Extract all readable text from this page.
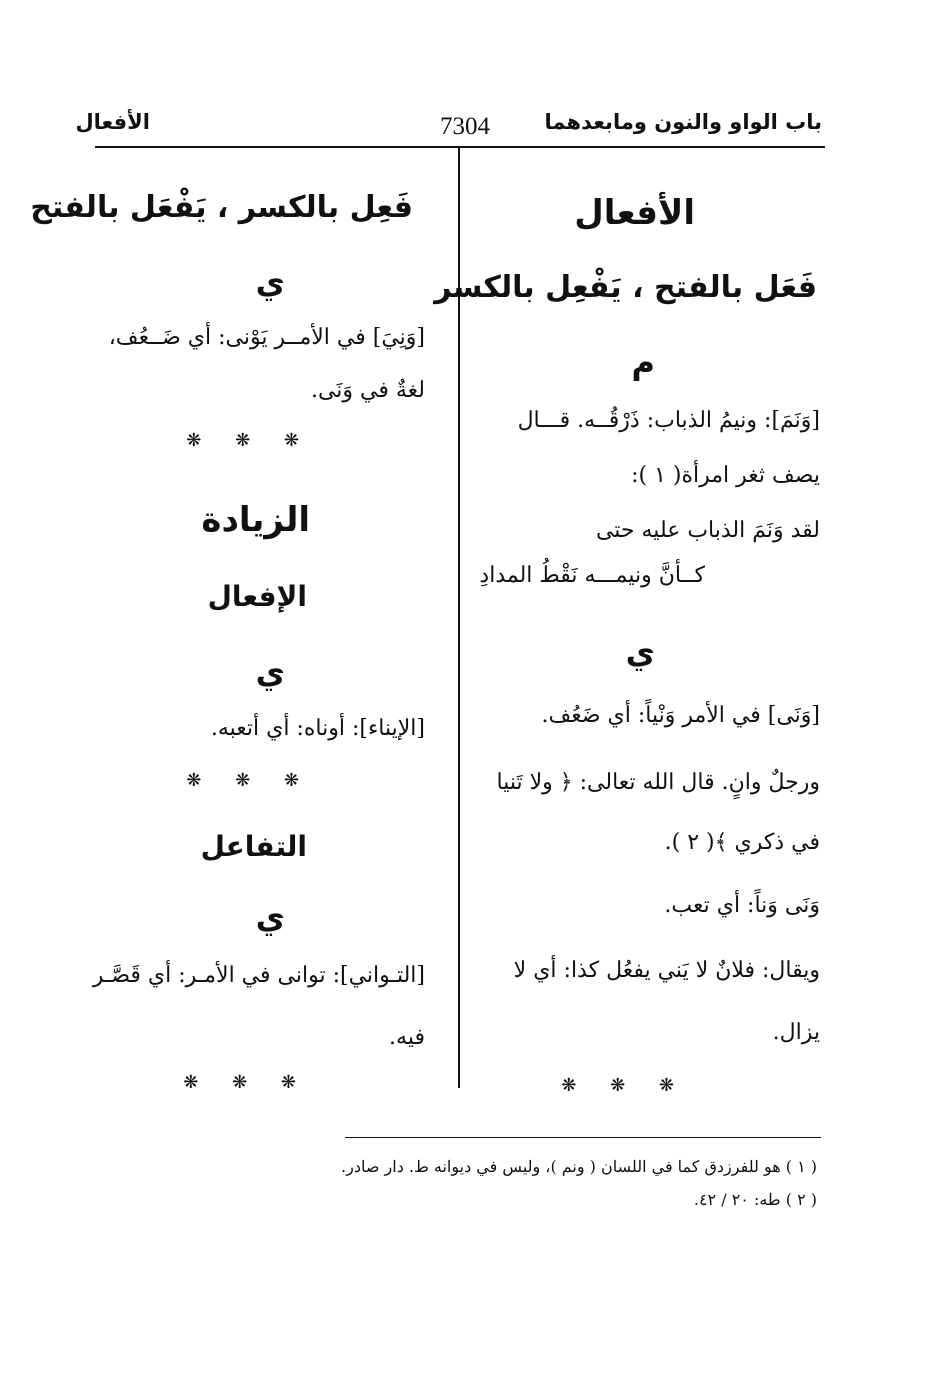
باب الواو والنون ومابعدهما
7304
الأفعال
الأفعال
فَعَل بالفتح ، يَفْعِل بالكسر
م
[وَنَمَ]: ونيمُ الذباب: ذَرْقُــه. قـــال
يصف ثغر امرأة( ١ ):
لقد وَنَمَ الذباب عليه حتى
كــأنَّ ونيمـــه نَقْطُ المدادِ
ي
[وَنَى] في الأمر وَنْياً: أي ضَعُف.
ورجلٌ وانٍ. قال الله تعالى: ﴿ ولا تَنيا
في ذكري ﴾( ٢ ).
وَنَى وَناً: أي تعب.
ويقال: فلانٌ لا يَني يفعُل كذا: أي لا
يزال.
❋ ❋ ❋
فَعِل بالكسر ، يَفْعَل بالفتح
ي
[وَنِيَ] في الأمــر يَوْنى: أي ضَــعُف،
لغةٌ في وَنَى.
❋ ❋ ❋
الزيادة
الإفعال
ي
[الإيناء]: أوناه: أي أتعبه.
❋ ❋ ❋
التفاعل
ي
[التـواني]: توانى في الأمـر: أي قَصَّـر
فيه.
❋ ❋ ❋
( ١ ) هو للفرزدق كما في اللسان ( ونم )، وليس في ديوانه ط. دار صادر.
( ٢ ) طه: ٢٠ / ٤٢.
